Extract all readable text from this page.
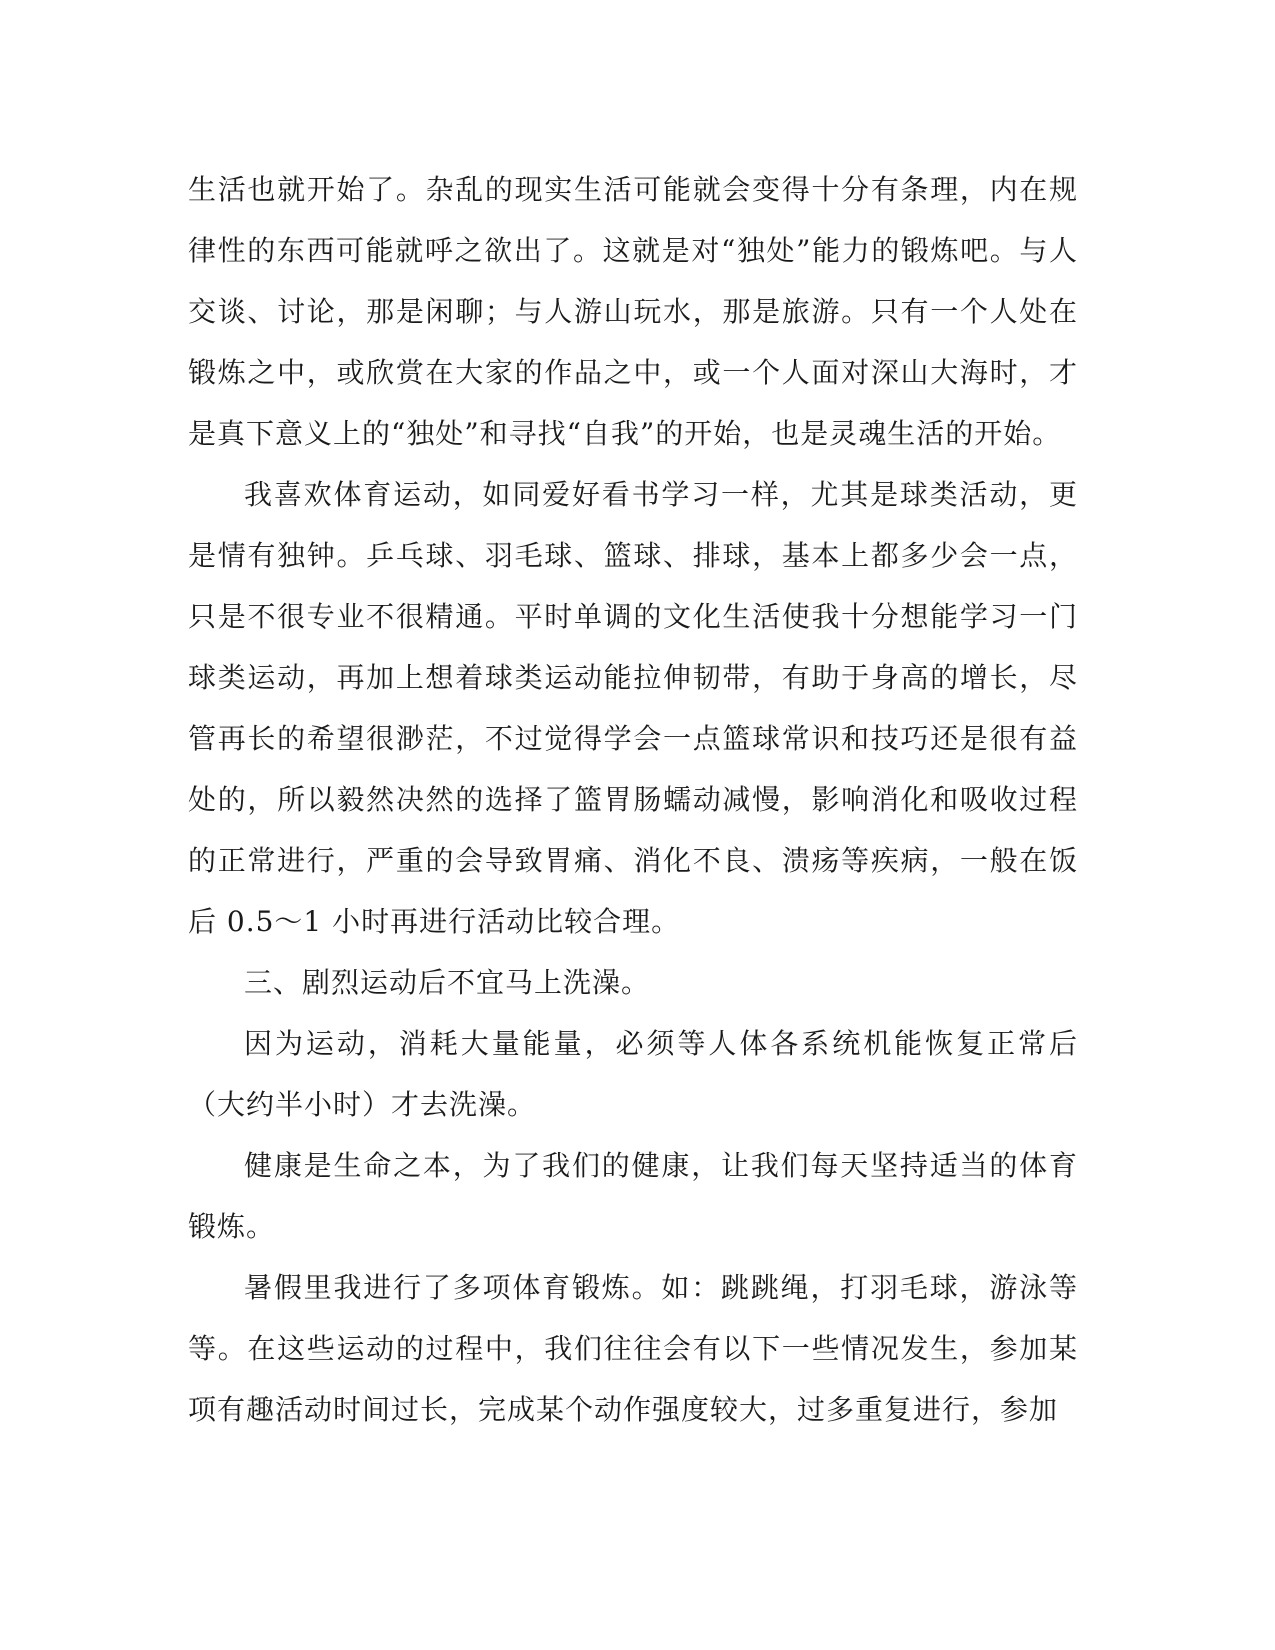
生活也就开始了。杂乱的现实生活可能就会变得十分有条理，内在规律性的东西可能就呼之欲出了。这就是对“独处”能力的锻炼吧。与人交谈、讨论，那是闲聊；与人游山玩水，那是旅游。只有一个人处在锻炼之中，或欣赏在大家的作品之中，或一个人面对深山大海时，才是真下意义上的“独处”和寻找“自我”的开始，也是灵魂生活的开始。

我喜欢体育运动，如同爱好看书学习一样，尤其是球类活动，更是情有独钟。乒乓球、羽毛球、篮球、排球，基本上都多少会一点，只是不很专业不很精通。平时单调的文化生活使我十分想能学习一门球类运动，再加上想着球类运动能拉伸韧带，有助于身高的增长，尽管再长的希望很渺茫，不过觉得学会一点篮球常识和技巧还是很有益处的，所以毅然决然的选择了篮胃肠蠕动减慢，影响消化和吸收过程的正常进行，严重的会导致胃痛、消化不良、溃疡等疾病，一般在饭后 0.5～1 小时再进行活动比较合理。

三、剧烈运动后不宜马上洗澡。

因为运动，消耗大量能量，必须等人体各系统机能恢复正常后（大约半小时）才去洗澡。

健康是生命之本，为了我们的健康，让我们每天坚持适当的体育锻炼。

暑假里我进行了多项体育锻炼。如：跳跳绳，打羽毛球，游泳等等。在这些运动的过程中，我们往往会有以下一些情况发生，参加某项有趣活动时间过长，完成某个动作强度较大，过多重复进行，参加
